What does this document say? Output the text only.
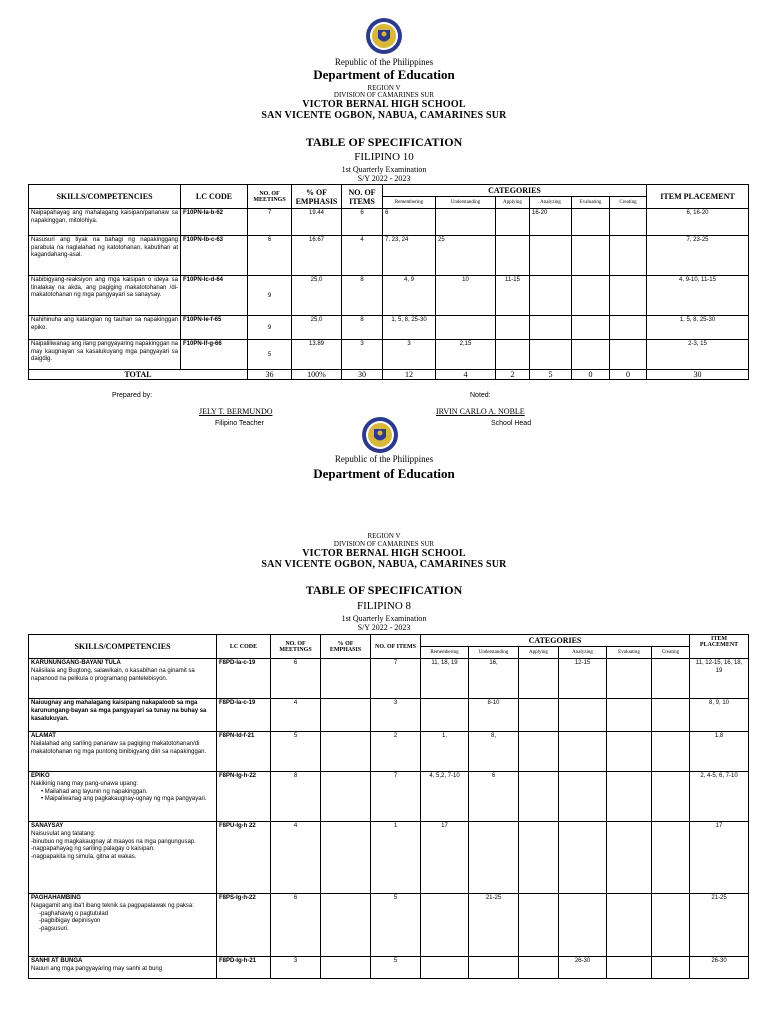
Republic of the Philippines
Department of Education
REGION V
DIVISION OF CAMARINES SUR
VICTOR BERNAL HIGH SCHOOL
SAN VICENTE OGBON, NABUA, CAMARINES SUR
TABLE OF SPECIFICATION
FILIPINO 10
1st Quarterly Examination
S/Y 2022 - 2023
SKILLS/COMPETENCIES	LC CODE	NO. OF MEETINGS	% OF EMPHASIS	NO. OF ITEMS	CATEGORIES						ITEM PLACEMENT
					Remembering	Understanding	Applying	Analyzing	Evaluating	Creating	
Naipapahayag ang mahalagang kaisipan/pananaw sa napakinggan, mitolohiya.	F10PN-Ia-b-62	7	19.44	6	6			16-20			6, 16-20
Nasusuri ang tiyak na bahagi ng napakinggang parabula na naglalahad ng katotohanan, kabutihan at kagandahang-asal.	F10PN-Ib-c-63	6	16.67	4	7, 23, 24	25					7, 23-25
Nabibigyang-reaksiyon ang mga kaisipan o ideya sa tinalakay na akda, ang pagiging makatotohanan /di-makatotohanan ng mga pangyayari sa sanaysay.	F10PN-Ic-d-64	9	25.0	8	4, 9	10	11-15				4, 9-10, 11-15
Nahihinuha ang katangian ng tauhan sa napakinggan epiko.	F10PN-Ie-f-65	9	25.0	8	1, 5, 8, 25-30						1, 5, 8, 25-30
Naipaliliwanag ang ilang pangyayaring napakinggan na may kaugnayan sa kasalukuyang mga pangyayari sa daigdig.	F10PN-If-g-66	5	13.89	3	3	2,15					2-3, 15
TOTAL		36	100%	30	12	4	2	5	0	0	30
Prepared by:	Noted:
JELY T. BERMUNDO
Filipino Teacher
IRVIN CARLO A. NOBLE
School Head
Republic of the Philippines
Department of Education
REGION V
DIVISION OF CAMARINES SUR
VICTOR BERNAL HIGH SCHOOL
SAN VICENTE OGBON, NABUA, CAMARINES SUR
TABLE OF SPECIFICATION
FILIPINO 8
1st Quarterly Examination
S/Y 2022 - 2023
SKILLS/COMPETENCIES	LC CODE	NO. OF MEETINGS	% OF EMPHASIS	NO. OF ITEMS	CATEGORIES						ITEM PLACEMENT
					Remembering	Understanding	Applying	Analyzing	Evaluating	Creating	

KARUNUNGANG-BAYAN/ TULA
Naiisilaia ang Bugtong, salawikain, o kasabihan na ginamit sa napanood na pelikula o programang pantelebisyon.	F8PD-Ia-c-19	6		7	11, 18, 19	16,		12-15			11, 12-15, 16, 18, 19

Naiuugnay ang mahalagang kaisipang nakapaloob sa mga karunungang-bayan sa mga pangyayari sa tunay na buhay sa kasalukuyan.	F8PD-Ia-c-19	4		3		8-10					8, 9, 10

ALAMAT
Nailalahad ang sariling pananaw sa pagiging makatotohanan/di makatotohanan ng mga puntong binibigyang diin sa napakinggan.	F8PN-Id-f-21	5		2	1,	8,					1,8

EPIKO
Nakikinig nang may pang-unawa upang:
• Mailahad ang layunin ng napakinggan.
• Maipaliwanag ang pagkakaugnay-ugnay ng mga pangyayari.	F8PN-Ig-h-22	8		7	4, 5,2, 7-10	6					2, 4-5, 6, 7-10

SANAYSAY
Naisusulat ang talatang:
-binubuo ng magkakaugnay at maayos na mga pangungusap.
-nagpapahayag ng sariling palagay o kaisipan.
-nagpapakita ng simula, gitna at wakas.	F8PU-Ig-h 22	4		1	17						17

PAGHAHAMBING
Nagagamit ang iba't ibang teknik sa pagpapalawak ng paksa:
-paghahawig o pagtutulad
-pagbibigay depinisyon
-pagsusuri.	F8PS-Ig-h-22	6		5		21-25					21-25

SANHI AT BUNGA
Nauuri ang mga pangyayaring may sanhi at bung	F8PD-Ig-h-21	3		5				26-30			26-30
